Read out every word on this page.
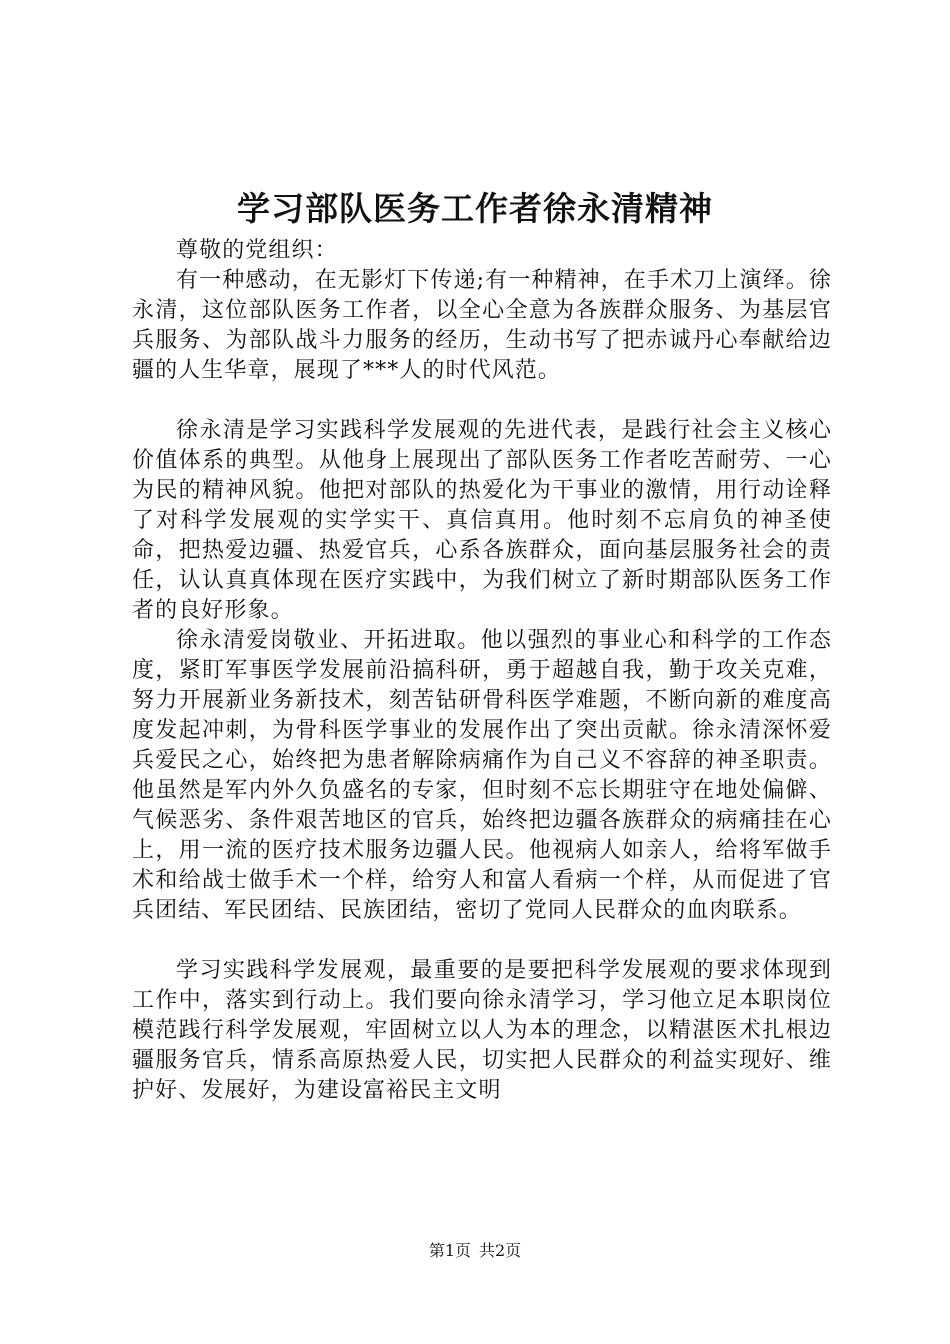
学习部队医务工作者徐永清精神

尊敬的党组织：

有一种感动，在无影灯下传递;有一种精神，在手术刀上演绎。徐永清，这位部队医务工作者，以全心全意为各族群众服务、为基层官兵服务、为部队战斗力服务的经历，生动书写了把赤诚丹心奉献给边疆的人生华章，展现了***人的时代风范。

徐永清是学习实践科学发展观的先进代表，是践行社会主义核心价值体系的典型。从他身上展现出了部队医务工作者吃苦耐劳、一心为民的精神风貌。他把对部队的热爱化为干事业的激情，用行动诠释了对科学发展观的实学实干、真信真用。他时刻不忘肩负的神圣使命，把热爱边疆、热爱官兵，心系各族群众，面向基层服务社会的责任，认认真真体现在医疗实践中，为我们树立了新时期部队医务工作者的良好形象。

徐永清爱岗敬业、开拓进取。他以强烈的事业心和科学的工作态度，紧盯军事医学发展前沿搞科研，勇于超越自我，勤于攻关克难，努力开展新业务新技术，刻苦钻研骨科医学难题，不断向新的难度高度发起冲刺，为骨科医学事业的发展作出了突出贡献。徐永清深怀爱兵爱民之心，始终把为患者解除病痛作为自己义不容辞的神圣职责。他虽然是军内外久负盛名的专家，但时刻不忘长期驻守在地处偏僻、气候恶劣、条件艰苦地区的官兵，始终把边疆各族群众的病痛挂在心上，用一流的医疗技术服务边疆人民。他视病人如亲人，给将军做手术和给战士做手术一个样，给穷人和富人看病一个样，从而促进了官兵团结、军民团结、民族团结，密切了党同人民群众的血肉联系。

学习实践科学发展观，最重要的是要把科学发展观的要求体现到工作中，落实到行动上。我们要向徐永清学习，学习他立足本职岗位模范践行科学发展观，牢固树立以人为本的理念，以精湛医术扎根边疆服务官兵，情系高原热爱人民，切实把人民群众的利益实现好、维护好、发展好，为建设富裕民主文明

第1页 共2页
